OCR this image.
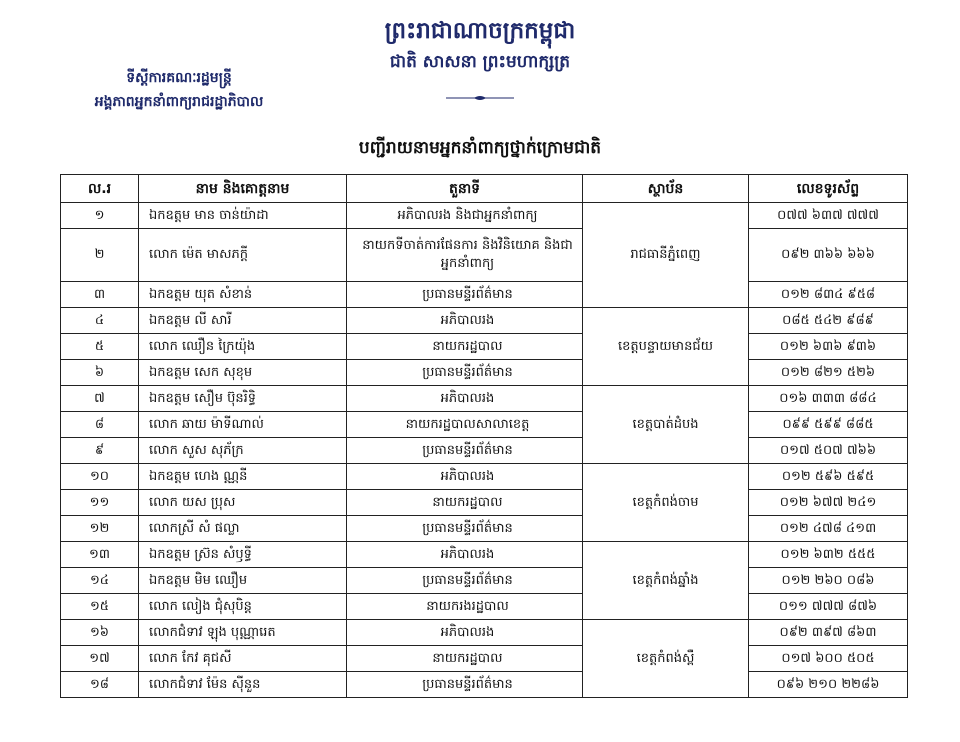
ព្រះរាជាណាចក្រកម្ពុជា
ជាតិ សាសនា ព្រះមហាក្សត្រ
ទីស្តីការគណៈរដ្ឋមន្ត្រី
អង្គភាពអ្នកនាំពាក្យរាជរដ្ឋាភិបាល
បញ្ជីរាយនាមអ្នកនាំពាក្យថ្នាក់ក្រោមជាតិ
ល.រ	នាម និងគោត្តនាម	តួនាទី	ស្ថាប័ន	លេខទូរស័ព្ទ
១	ឯកឧត្តម មាន ចាន់យ៉ាដា	អភិបាលរង និងជាអ្នកនាំពាក្យ	រាជធានីភ្នំពេញ	០៧៧ ៦៣៧ ៧៧៧
២	លោក ម៉េត មាសភក្តី	នាយកទីចាត់ការផែនការ និងវិនិយោគ និងជាអ្នកនាំពាក្យ		០៩២ ៣៦៦ ៦៦៦
៣	ឯកឧត្តម យុត សំខាន់	ប្រធានមន្ទីរព័ត៌មាន		០១២ ៨៣៤ ៩៥៨
៤	ឯកឧត្តម លី សារី	អភិបាលរង	ខេត្តបន្ទាយមានជ័យ	០៨៥ ៥៤២ ៩៨៩
៥	លោក ឈឿន ក្រៃយ៉ុង	នាយករដ្ឋបាល		០១២ ៦៣៦ ៩៣៦
៦	ឯកឧត្តម សេក សុខុម	ប្រធានមន្ទីរព័ត៌មាន		០១២ ៨២១ ៥២៦
៧	ឯកឧត្តម សឿម ប៊ុនរិទ្ធិ	អភិបាលរង	ខេត្តបាត់ដំបង	០១៦ ៣៣៣ ៨៨៤
៨	លោក ឆាយ ម៉ាទីណាល់	នាយករដ្ឋបាលសាលាខេត្ត		០៩៩ ៥៩៩ ៨៨៥
៩	លោក សួស សុភ័ក្រ	ប្រធានមន្ទីរព័ត៌មាន		០១៧ ៥០៧ ៧៦៦
១០	ឯកឧត្តម ហេង ណ្ណនី	អភិបាលរង	ខេត្តកំពង់ចាម	០១២ ៥៩៦ ៥៩៥
១១	លោក យស ប្រុស	នាយករដ្ឋបាល		០១២ ៦៧៧ ២៤១
១២	លោកស្រី សំ ផល្លា	ប្រធានមន្ទីរព័ត៌មាន		០១២ ៤៧៨ ៤១៣
១៣	ឯកឧត្តម ស្រ៊ន សំឫទ្ធី	អភិបាលរង	ខេត្តកំពង់ឆ្នាំង	០១២ ៦៣២ ៥៥៥
១៤	ឯកឧត្តម មិម ឈឿម	ប្រធានមន្ទីរព័ត៌មាន		០១២ ២៦០ ០៨៦
១៥	លោក លៀង ជុំសុបិន្ត	នាយករងរដ្ឋបាល		០១១ ៧៧៧ ៨៧៦
១៦	លោកជំទាវ ឡុង បុណ្ណារេត	អភិបាលរង	ខេត្តកំពង់ស្ពឺ	០៩២ ៣៩៧ ៨៦៣
១៧	លោក កែវ គុជសី	នាយករដ្ឋបាល		០១៧ ៦០០ ៥០៥
១៨	លោកជំទាវ ម៉ែន ស៊ីនួន	ប្រធានមន្ទីរព័ត៌មាន		០៩៦ ២១០ ២២៨៦
